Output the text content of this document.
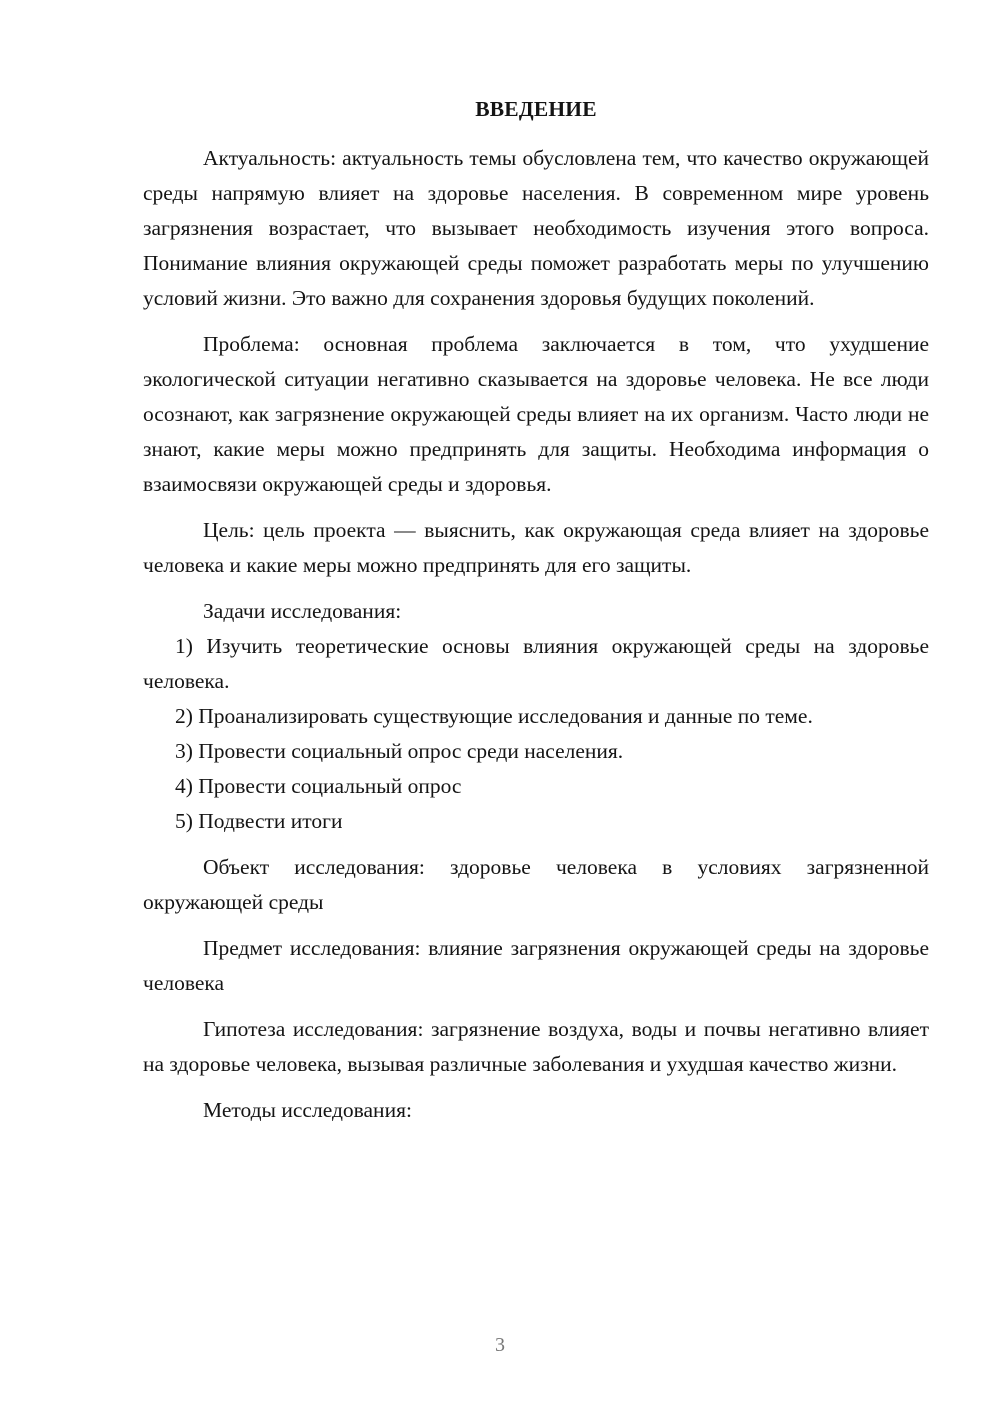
ВВЕДЕНИЕ

Актуальность: актуальность темы обусловлена тем, что качество окружающей среды напрямую влияет на здоровье населения. В современном мире уровень загрязнения возрастает, что вызывает необходимость изучения этого вопроса. Понимание влияния окружающей среды поможет разработать меры по улучшению условий жизни. Это важно для сохранения здоровья будущих поколений.

Проблема: основная проблема заключается в том, что ухудшение экологической ситуации негативно сказывается на здоровье человека. Не все люди осознают, как загрязнение окружающей среды влияет на их организм. Часто люди не знают, какие меры можно предпринять для защиты. Необходима информация о взаимосвязи окружающей среды и здоровья.

Цель: цель проекта — выяснить, как окружающая среда влияет на здоровье человека и какие меры можно предпринять для его защиты.

Задачи исследования:

1) Изучить теоретические основы влияния окружающей среды на здоровье человека.

2) Проанализировать существующие исследования и данные по теме.

3) Провести социальный опрос среди населения.

4) Провести социальный опрос

5) Подвести итоги

Объект исследования: здоровье человека в условиях загрязненной окружающей среды

Предмет исследования: влияние загрязнения окружающей среды на здоровье человека

Гипотеза исследования: загрязнение воздуха, воды и почвы негативно влияет на здоровье человека, вызывая различные заболевания и ухудшая качество жизни.

Методы исследования:

3
